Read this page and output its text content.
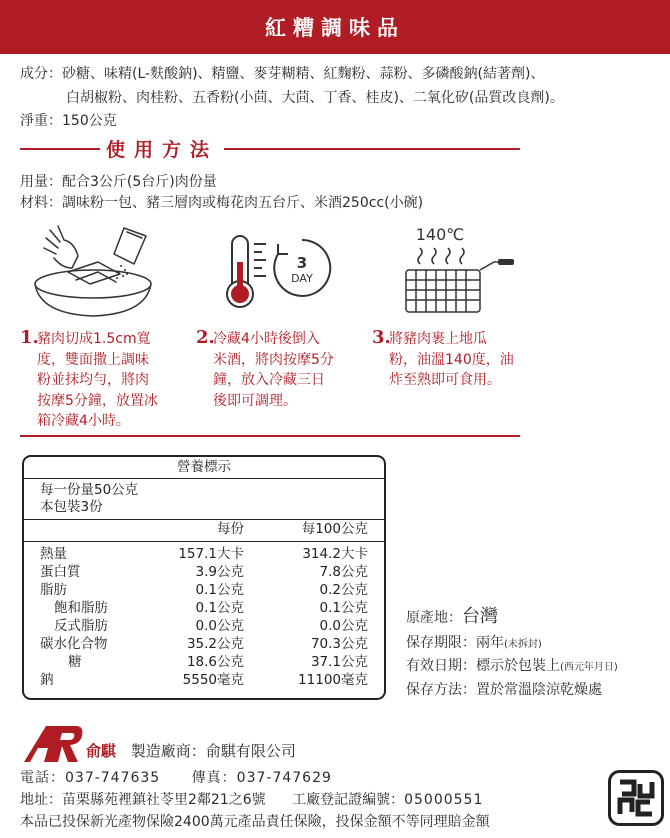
紅糟調味品
成分：砂糖、味精(L-麩酸鈉)、精鹽、麥芽糊精、紅麴粉、蒜粉、多磷酸鈉(結著劑)、
白胡椒粉、肉桂粉、五香粉(小茴、大茴、丁香、桂皮)、二氧化矽(品質改良劑)。
淨重：150公克
使用方法
用量：配合3公斤(5台斤)肉份量
材料：調味粉一包、豬三層肉或梅花肉五台斤、米酒250cc(小碗)
3
DAY
140℃
1.
豬肉切成1.5cm寬
度，雙面撒上調味
粉並抹均勻，將肉
按摩5分鐘，放置冰
箱冷藏4小時。
2.
冷藏4小時後倒入
米酒，將肉按摩5分
鐘，放入冷藏三日
後即可調理。
3.
將豬肉裹上地瓜
粉，油溫140度，油
炸至熟即可食用。
營養標示
每一份量50公克
本包裝3份
每份	每100公克
熱量	157.1大卡	314.2大卡
蛋白質	3.9公克	7.8公克
脂肪	0.1公克	0.2公克
飽和脂肪	0.1公克	0.1公克
反式脂肪	0.0公克	0.0公克
碳水化合物	35.2公克	70.3公克
糖	18.6公克	37.1公克
鈉	5550毫克	11100毫克
原產地：台灣
保存期限：兩年(未拆封)
有效日期：標示於包裝上(西元年月日)
保存方法：置於常溫陰涼乾燥處
俞騏 製造廠商：俞騏有限公司
電話：037-747635 傳真：037-747629
地址：苗栗縣苑裡鎮社苓里2鄰21之6號 工廠登記證編號：05000551
本品已投保新光產物保險2400萬元產品責任保險，投保金額不等同理賠金額
